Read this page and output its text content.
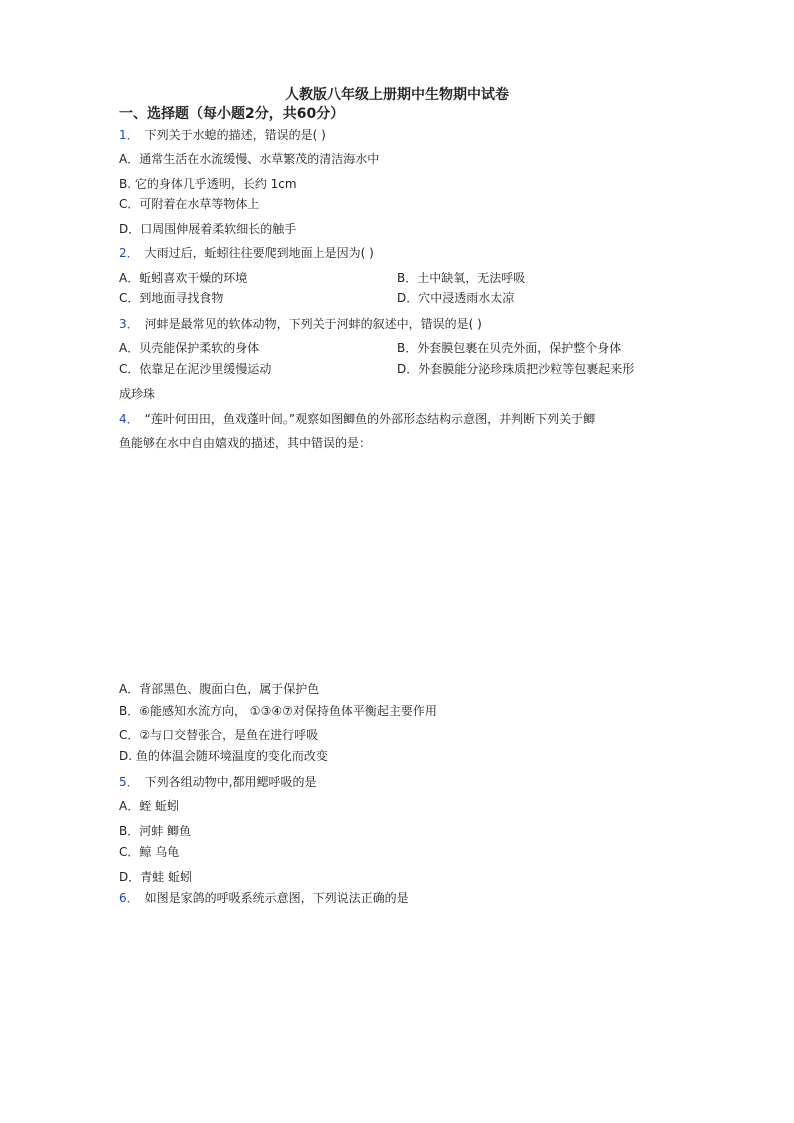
人教版八年级上册期中生物期中试卷
一、选择题（每小题2分，共60分）
1． 下列关于水螅的描述，错误的是( )
A．通常生活在水流缓慢、水草繁茂的清洁海水中
B. 它的身体几乎透明，长约 1cm
C．可附着在水草等物体上
D．口周围伸展着柔软细长的触手
2． 大雨过后，蚯蚓往往要爬到地面上是因为( )
A．蚯蚓喜欢干燥的环境	B．土中缺氧，无法呼吸
C．到地面寻找食物	D．穴中浸透雨水太凉
3． 河蚌是最常见的软体动物，下列关于河蚌的叙述中，错误的是( )
A．贝壳能保护柔软的身体	B．外套膜包裹在贝壳外面，保护整个身体
C．依靠足在泥沙里缓慢运动	D．外套膜能分泌珍珠质把沙粒等包裹起来形
成珍珠
4． “莲叶何田田，鱼戏蓬叶间。”观察如图鲫鱼的外部形态结构示意图，并判断下列关于鲫
鱼能够在水中自由嬉戏的描述，其中错误的是：
A．背部黑色、腹面白色，属于保护色
B．⑥能感知水流方向， ①③④⑦对保持鱼体平衡起主要作用
C．②与口交替张合，是鱼在进行呼吸
D. 鱼的体温会随环境温度的变化而改变
5． 下列各组动物中,都用鳃呼吸的是
A．蛭 蚯蚓
B．河蚌 鲫鱼
C．鲸 乌龟
D．青蛙 蚯蚓
6． 如图是家鸽的呼吸系统示意图，下列说法正确的是
